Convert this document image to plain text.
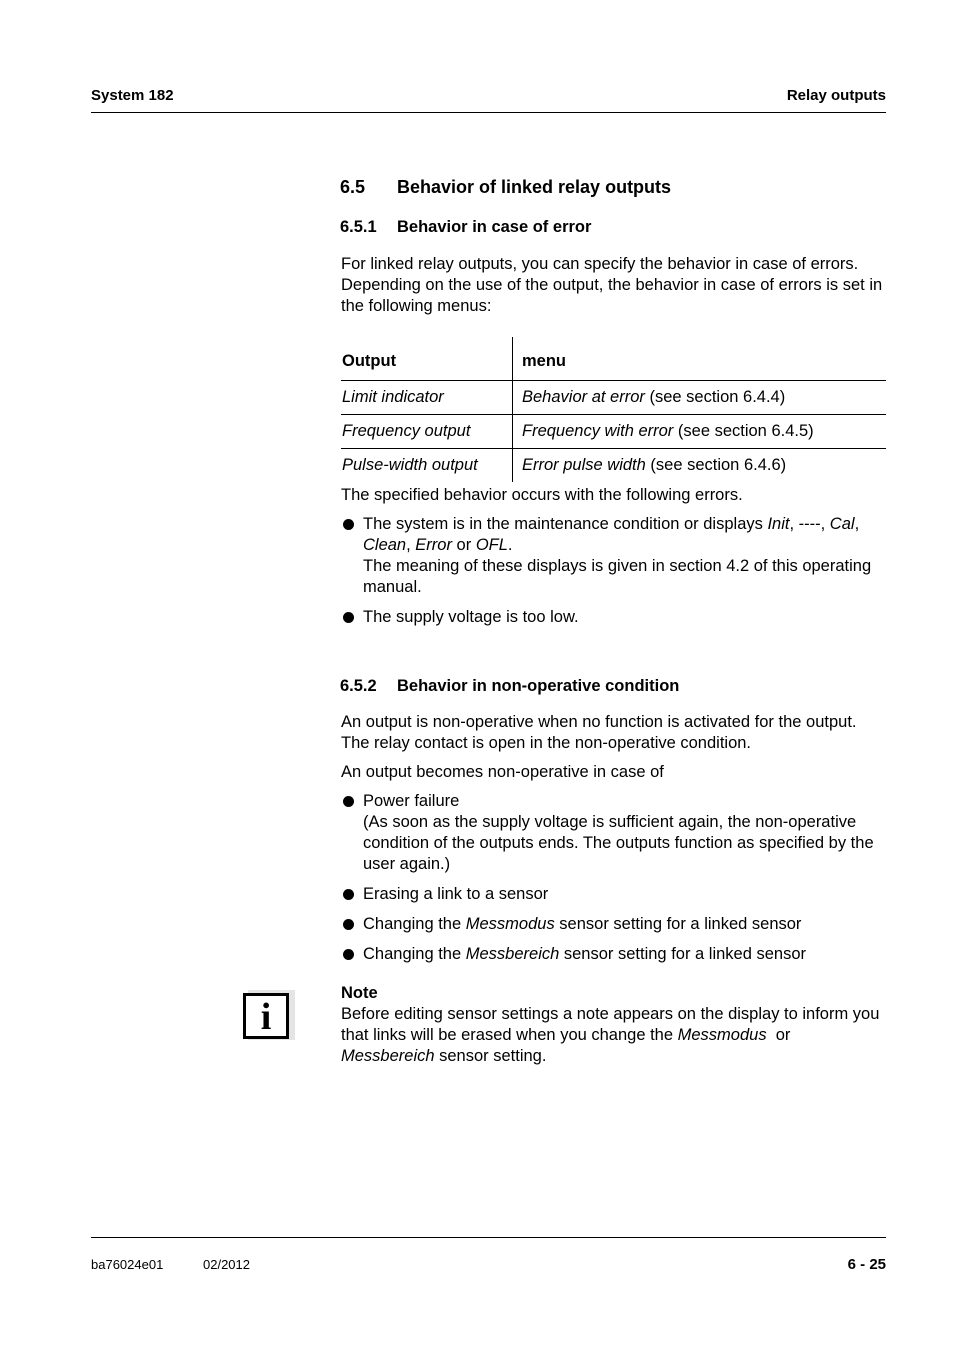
System 182	Relay outputs
6.5 Behavior of linked relay outputs
6.5.1 Behavior in case of error

For linked relay outputs, you can specify the behavior in case of errors. Depending on the use of the output, the behavior in case of errors is set in the following menus:

Output	menu
Limit indicator	Behavior at error (see section 6.4.4)
Frequency output	Frequency with error (see section 6.4.5)
Pulse-width output	Error pulse width (see section 6.4.6)

The specified behavior occurs with the following errors.

The system is in the maintenance condition or displays Init, ----, Cal,
Clean, Error or OFL.
The meaning of these displays is given in section 4.2 of this operating manual.
The supply voltage is too low.
6.5.2 Behavior in non-operative condition

An output is non-operative when no function is activated for the output. The relay contact is open in the non-operative condition.

An output becomes non-operative in case of

Power failure
(As soon as the supply voltage is sufficient again, the non-operative condition of the outputs ends. The outputs function as specified by the user again.)
Erasing a link to a sensor
Changing the Messmodus sensor setting for a linked sensor
Changing the Messbereich sensor setting for a linked sensor
i

Note

Before editing sensor settings a note appears on the display to inform you that links will be erased when you change the Messmodus  or
Messbereich sensor setting.

ba76024e01	02/2012	6 - 25
